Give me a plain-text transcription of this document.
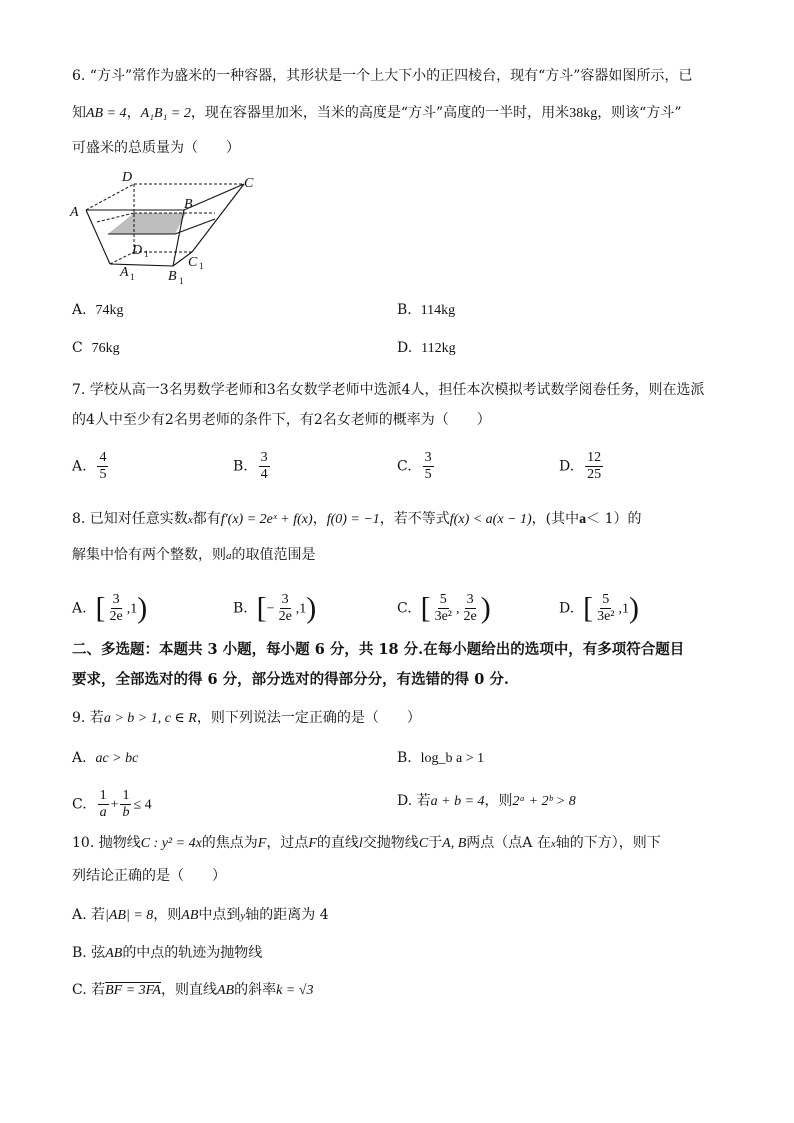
6. “方斗”常作为盛米的一种容器，其形状是一个上大下小的正四棱台，现有“方斗”容器如图所示，已
知AB = 4，A₁B₁ = 2，现在容器里加米，当米的高度是“方斗”高度的一半时，用米38kg，则该“方斗”
可盛米的总质量为（　　）
D	C
A
B
D 1
C 1
A 1 B 1
A. 74kg	B. 114kg
C 76kg	D. 112kg
7. 学校从高一3名男数学老师和3名女数学老师中选派4人，担任本次模拟考试数学阅卷任务，则在选派
的4人中至少有2名男老师的条件下，有2名女老师的概率为（　　）
A. $\frac{4}{5}$	B. $\frac{3}{4}$	C. $\frac{3}{5}$	D. $\frac{12}{25}$
8. 已知对任意实数x都有f′(x) = 2eˣ + f(x)，f(0) = −1，若不等式f(x) < a(x − 1)，(其中a＜ 1）的
解集中恰有两个整数，则a的取值范围是
A. [ $\frac{3}{2e} ,1$)	B. [− $\frac{3}{2e} ,1$)	C. [ $\frac{5}{\text{3e²}}$ , $\frac{3}{2e}$ )	D. [ $\frac{5}{\text{3e²}} ,1$)
二、多选题：本题共 3 小题，每小题 6 分，共 18 分.在每小题给出的选项中，有多项符合题目
要求，全部选对的得 6 分，部分选对的得部分分，有选错的得 0 分.
9. 若a > b > 1, c ∈ R，则下列说法一定正确的是（　　）
A. ac > bc	B. log_b a > 1
C. $\frac{1}{a} + \frac{1}{b} \le 4$	D. 若a + b = 4，则2ᵃ + 2ᵇ > 8
10. 抛物线C : y² = 4x的焦点为F，过点F的直线l交抛物线C于A, B两点（点A 在x轴的下方），则下
列结论正确的是（　　）
A. 若|AB| = 8，则AB中点到y轴的距离为 4
B. 弦AB的中点的轨迹为抛物线
C. 若BF = 3FA，则直线AB的斜率k = √3
